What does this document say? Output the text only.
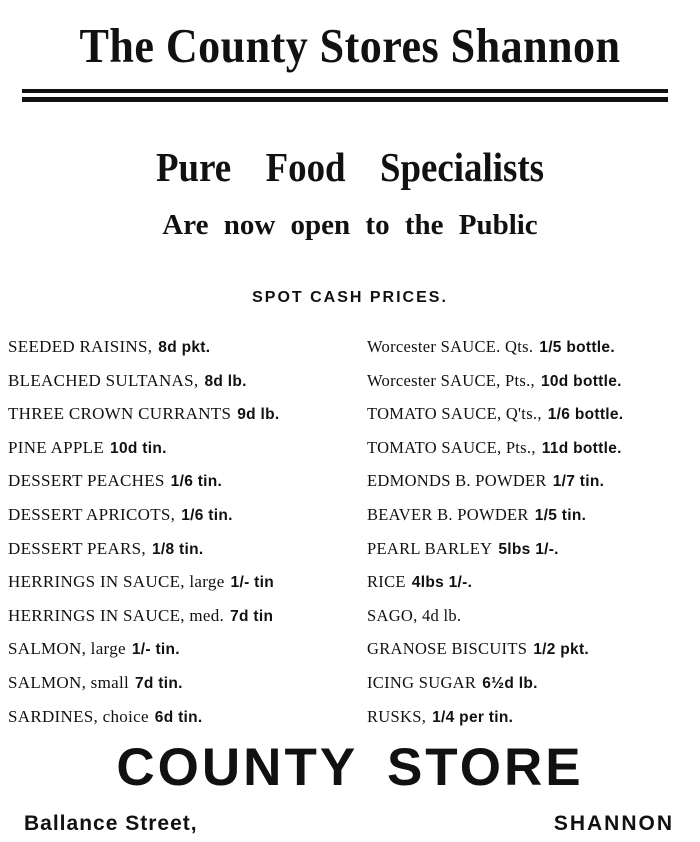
The County Stores Shannon
Pure Food Specialists
Are now open to the Public
SPOT CASH PRICES.
SEEDED RAISINS, 8d pkt.
BLEACHED SULTANAS, 8d lb.
THREE CROWN CURRANTS 9d lb.
PINE APPLE 10d tin.
DESSERT PEACHES 1/6 tin.
DESSERT APRICOTS, 1/6 tin.
DESSERT PEARS, 1/8 tin.
HERRINGS IN SAUCE, large 1/- tin
HERRINGS IN SAUCE, med. 7d tin
SALMON, large 1/- tin.
SALMON, small 7d tin.
SARDINES, choice 6d tin.
Worcester SAUCE. Qts. 1/5 bottle.
Worcester SAUCE, Pts., 10d bottle.
TOMATO SAUCE, Q'ts., 1/6 bottle.
TOMATO SAUCE, Pts., 11d bottle.
EDMONDS B. POWDER 1/7 tin.
BEAVER B. POWDER 1/5 tin.
PEARL BARLEY 5lbs 1/-.
RICE 4lbs 1/-.
SAGO, 4d lb.
GRANOSE BISCUITS 1/2 pkt.
ICING SUGAR 6½d lb.
RUSKS, 1/4 per tin.
COUNTY STORE
Ballance Street,	SHANNON
